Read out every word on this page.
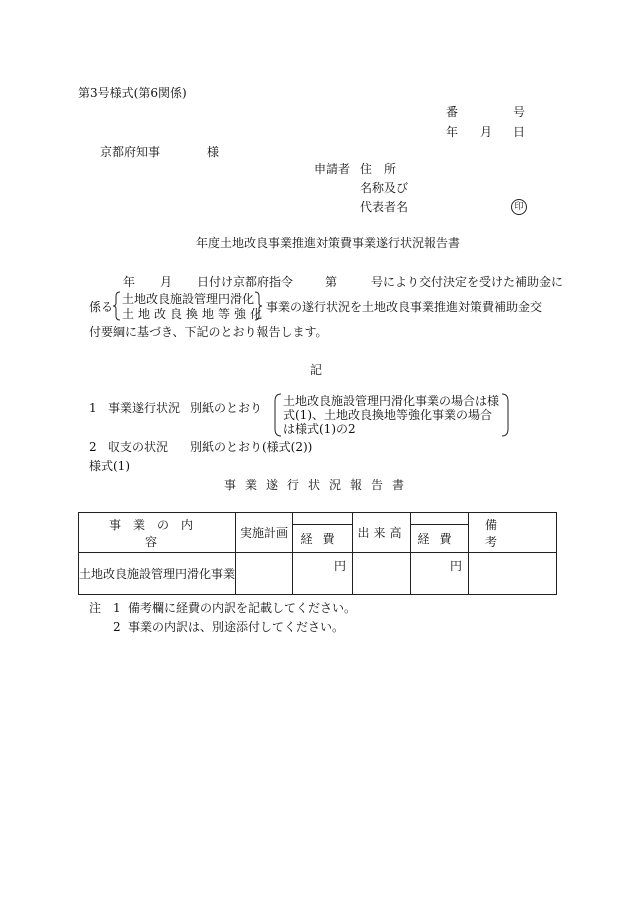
第3号様式(第6関係)
番	号
年 月 日
京都府知事	様
申請者 住　所
名称及び
代表者名	印
年度土地改良事業推進対策費事業遂行状況報告書
年 月 日付け京都府指令	第	号により交付決定を受けた補助金に
係る
土地改良施設管理円滑化
土地改良換地等強化 事業の遂行状況を土地改良事業推進対策費補助金交
付要綱に基づき、下記のとおり報告します。
記
1 事業遂行状況 別紙のとおり 土地改良施設管理円滑化事業の場合は様
式(1)、土地改良換地等強化事業の場合
は様式(1)の2
2 収支の状況 別紙のとおり(様式(2))
様式(1)
事業遂行状況報告書
事業の内容	実施計画		出来高		備考

		経費		経費	
土地改良施設管理円滑化事業		円		円	
注 1 備考欄に経費の内訳を記載してください。
2 事業の内訳は、別途添付してください。
